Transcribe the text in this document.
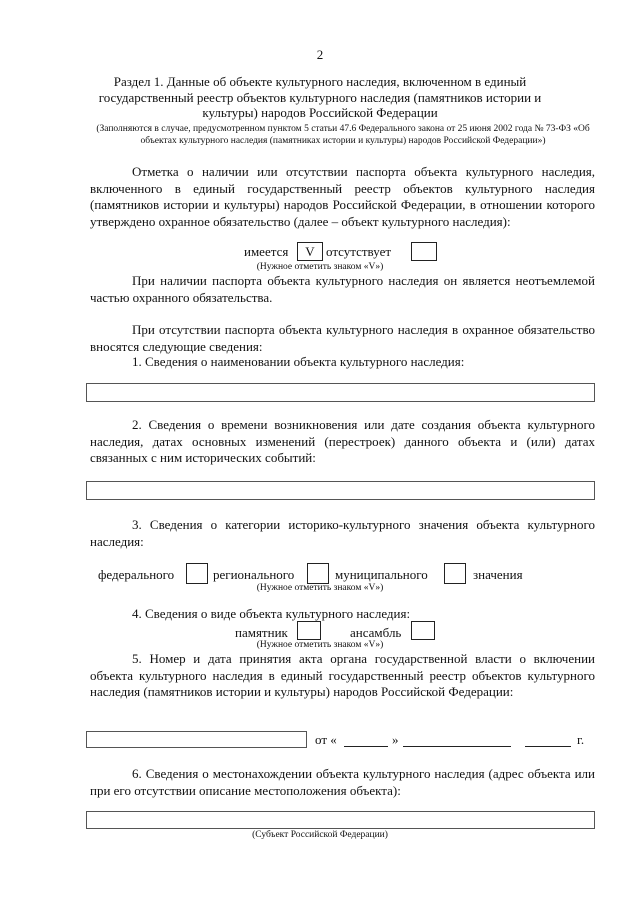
2
Раздел 1. Данные об объекте культурного наследия, включенном в единый государственный реестр объектов культурного наследия (памятников истории и культуры) народов Российской Федерации
(Заполняются в случае, предусмотренном пунктом 5 статьи 47.6 Федерального закона от 25 июня 2002 года № 73-ФЗ «Об объектах культурного наследия (памятниках истории и культуры) народов Российской Федерации»)
Отметка о наличии или отсутствии паспорта объекта культурного наследия, включенного в единый государственный реестр объектов культурного наследия (памятников истории и культуры) народов Российской Федерации, в отношении которого утверждено охранное обязательство (далее – объект культурного наследия):
имеется	V отсутствует
(Нужное отметить знаком «V»)
При наличии паспорта объекта культурного наследия он является неотъемлемой частью охранного обязательства.
При отсутствии паспорта объекта культурного наследия в охранное обязательство вносятся следующие сведения:
1. Сведения о наименовании объекта культурного наследия:
2. Сведения о времени возникновения или дате создания объекта культурного наследия, датах основных изменений (перестроек) данного объекта и (или) датах связанных с ним исторических событий:
3. Сведения о категории историко-культурного значения объекта культурного наследия:
федерального	регионального	муниципального	значения
(Нужное отметить знаком «V»)
4. Сведения о виде объекта культурного наследия:
памятник	ансамбль
(Нужное отметить знаком «V»)
5. Номер и дата принятия акта органа государственной власти о включении объекта культурного наследия в единый государственный реестр объектов культурного наследия (памятников истории и культуры) народов Российской Федерации:
от «	»	г.
6. Сведения о местонахождении объекта культурного наследия (адрес объекта или при его отсутствии описание местоположения объекта):
(Субъект Российской Федерации)
